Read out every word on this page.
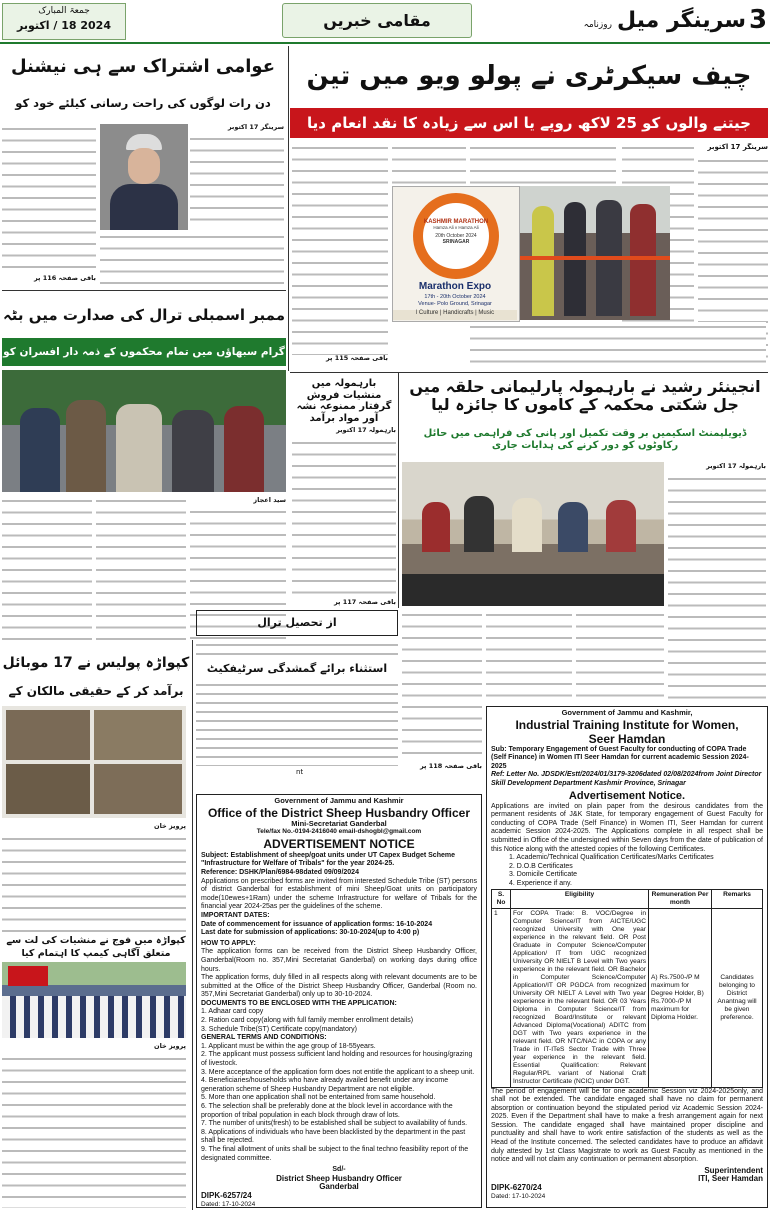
جمعۃ المبارک
2024 18 / اکتوبر	مقامی خبریں	سرینگر میل روزنامہ	3
چیف سیکرٹری نے پولو ویو میں تین
جیتنے والوں کو 25 لاکھ روپے یا اس سے زیادہ کا نقد انعام دیا
سرینگر 17 اکتوبر
باقی صفحہ 115 پر
KASHMIR MARATHON
Hamza Ali v Hamza Ali
20th October 2024
SRINAGAR
Marathon Expo
17th - 20th October 2024
Venue- Polo Ground, Srinagar
l Culture | Handicrafts | Music
عوامی اشتراک سے ہی نیشنل
دن رات لوگوں کی راحت رسانی کیلئے خود کو
سرینگر 17 اکتوبر
باقی صفحہ 116 پر
ممبر اسمبلی ترال کی صدارت میں بٹہ
گرام سبھاؤں میں تمام محکموں کے ذمہ دار افسران کو
سید اعجاز
بارہمولہ میں منشیات فروش گرفتار ممنوعہ نشہ آور مواد برآمد
بارہمولہ 17 اکتوبر
باقی صفحہ 117 پر
انجینئر رشید نے بارہمولہ پارلیمانی حلقہ میں جل شکتی محکمہ کے کاموں کا جائزہ لیا
ڈیویلپمنٹ اسکیمیں بر وقت تکمیل اور پانی کی فراہمی میں حائل رکاوٹوں کو دور کرنے کی ہدایات جاری
بارہمولہ 17 اکتوبر
باقی صفحہ 118 پر
از تحصیل ترال
استثناء برائے گمشدگی سرٹیفکیٹ
nt
کپواڑہ پولیس نے 17 موبائل
برآمد کر کے حقیقی مالکان کے
پرویز خان
کپواڑہ میں فوج نے منشیات کی لت سے متعلق آگاہی کیمپ کا اہتمام کیا
پرویز خان
Government of Jammu and Kashmir
Office of the District Sheep Husbandry Officer
Mini-Secretariat Ganderbal
Tele/fax No.-0194-2416040 email-dshogbl@gmail.com
ADVERTISEMENT NOTICE
Subject: Establishment of sheep/goat units under UT Capex Budget Scheme "Infrastructure for Welfare of Tribals" for the year 2024-25.
Reference: DSHK/Plan/6984-98dated 09/09/2024
Applications on prescribed forms are invited from interested Schedule Tribe (ST) persons of district Ganderbal for establishment of mini Sheep/Goat units on participatory mode(10ewes+1Ram) under the scheme Infrastructure for welfare of Tribals for the financial year 2024-25as per the guidelines of the scheme.
IMPORTANT DATES:
Date of commencement for issuance of application forms: 16-10-2024
Last date for submission of applications: 30-10-2024(up to 4:00 p)
HOW TO APPLY:
The application forms can be received from the District Sheep Husbandry Officer, Ganderbal(Room no. 357,Mini Secretariat Ganderbal) on working days during office hours.
The application forms, duly filled in all respects along with relevant documents are to be submitted at the Office of the District Sheep Husbandry Officer, Ganderbal (Room no. 357,Mini Secretariat Ganderbal) only up to 30-10-2024.
DOCUMENTS TO BE ENCLOSED WITH THE APPLICATION:
1. Adhaar card copy
2. Ration card copy(along with full family member enrollment details)
3. Schedule Tribe(ST) Certificate copy(mandatory)
GENERAL TERMS AND CONDITIONS:
1. Applicant must be within the age group of 18-55years.
2. The applicant must possess sufficient land holding and resources for housing/grazing of livestock.
3. Mere acceptance of the application form does not entitle the applicant to a sheep unit.
4. Beneficiaries/households who have already availed benefit under any income generation scheme of Sheep Husbandry Department are not eligible.
5. More than one application shall not be entertained from same household.
6. The selection shall be preferably done at the block level in accordance with the proportion of tribal population in each block through draw of lots.
7. The number of units(fresh) to be established shall be subject to availability of funds.
8. Applications of individuals who have been blacklisted by the department in the past shall be rejected.
9. The final allotment of units shall be subject to the final techno feasibility report of the designated committee.
Sd/-
District Sheep Husbandry Officer
Ganderbal
DIPK-6257/24
Dated: 17-10-2024
Government of Jammu and Kashmir,
Industrial Training Institute for Women,
Seer Hamdan
Sub: Temporary Engagement of Guest Faculty for conducting of COPA Trade (Self Finance) in Women ITI Seer Hamdan for current academic Session 2024-2025
Ref: Letter No. JDSDK/Estt/2024/01/3179-3206dated 02/08/2024from Joint Director Skill Development Department Kashmir Province, Srinagar
Advertisement Notice.
Applications are invited on plain paper from the desirous candidates from the permanent residents of J&K State, for temporary engagement of Guest Faculty for conducting of COPA Trade (Self Finance) in Women ITI, Seer Hamdan for current academic Session 2024-2025. The Applications complete in all respect shall be submitted in Office of the undersigned within Seven days from the date of publication of this Notice along with the attested copies of the following Certificates.
1. Academic/Technical Qualification Certificates/Marks Certificates
2. D.O.B Certificates
3. Domicile Certificate
4. Experience if any.
S. No	Eligibility	Remuneration Per month	Remarks
1	For COPA Trade: B. VOC/Degree in Computer Science/IT from AICTE/UGC recognized University with One year experience in the relevant field. OR Post Graduate in Computer Science/Computer Application/ IT from UGC recognized University OR NIELT B Level with Two years experience in the relevant field. OR Bachelor in Computer Science/Computer Application/IT OR PGDCA from recognized University OR NIELT A Level with Two year experience in the relevant field. OR 03 Years Diploma in Computer Science/IT from recognized Board/Institute or relevant Advanced Diploma(Vocational) ADITC from DGT with Two years experience in the relevant field. OR NTC/NAC in COPA or any Trade in IT-ITeS Sector Trade with Three year experience in the relevant field. Essential Qualification: Relevant Regular/RPL variant of National Craft Instructor Certificate (NCIC) under DGT.	A) Rs.7500-/P M maximum for Degree Holder, B) Rs.7000-/P M maximum for Diploma Holder.	Candidates belonging to District Anantnag will be given preference.
The period of engagement will be for one academic Session viz 2024-2025only, and shall not be extended. The candidate engaged shall have no claim for permanent absorption or continuation beyond the stipulated period viz Academic Session 2024-2025. Even if the Department shall have to make a fresh arrangement again for next Session. The candidate engaged shall have maintained proper discipline and punctuality and shall have to work entire satisfaction of the students as well as the Head of the Institute concerned. The selected candidates have to produce an affidavit duly attested by 1st Class Magistrate to work as Guest Faculty as mentioned in the notice and will not claim any continuation or permanent absorption.
Superintendent
ITI, Seer Hamdan
DIPK-6270/24
Dated: 17-10-2024
